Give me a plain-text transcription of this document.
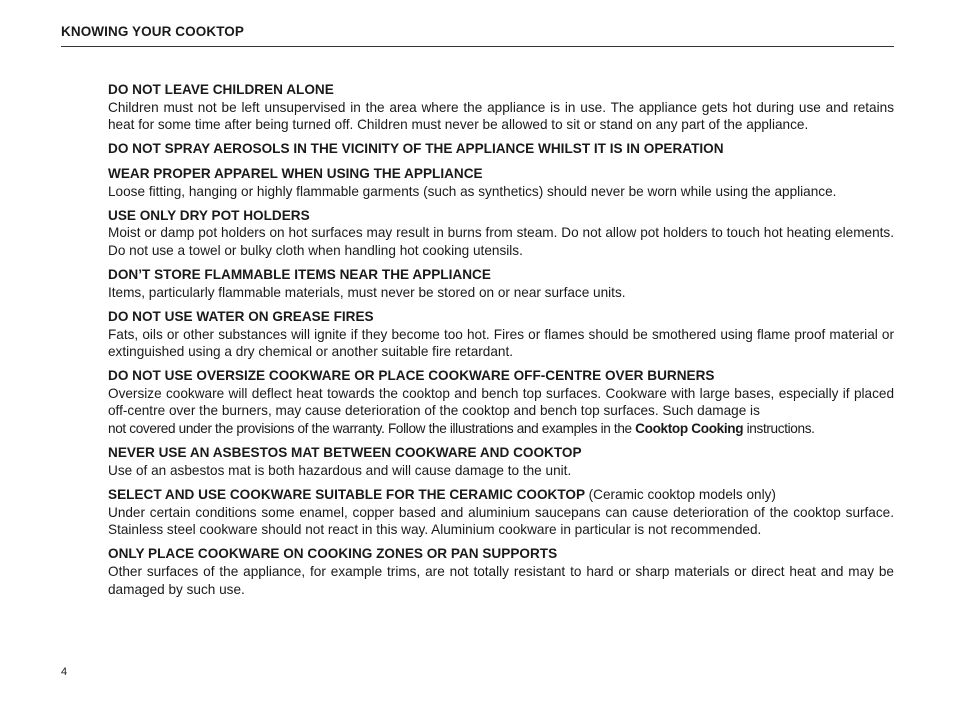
KNOWING YOUR COOKTOP
DO NOT LEAVE CHILDREN ALONE
Children must not be left unsupervised in the area where the appliance is in use. The appliance gets hot during use and retains heat for some time after being turned off. Children must never be allowed to sit or stand on any part of the appliance.
DO NOT SPRAY AEROSOLS IN THE VICINITY OF THE APPLIANCE WHILST IT IS IN OPERATION
WEAR PROPER APPAREL WHEN USING THE APPLIANCE
Loose fitting, hanging or highly flammable garments (such as synthetics) should never be worn while using the appliance.
USE ONLY DRY POT HOLDERS
Moist or damp pot holders on hot surfaces may result in burns from steam. Do not allow pot holders to touch hot heating elements. Do not use a towel or bulky cloth when handling hot cooking utensils.
DON’T STORE FLAMMABLE ITEMS NEAR THE APPLIANCE
Items, particularly flammable materials, must never be stored on or near surface units.
DO NOT USE WATER ON GREASE FIRES
Fats, oils or other substances will ignite if they become too hot. Fires or flames should be smothered using flame proof material or extinguished using a dry chemical or another suitable fire retardant.
DO NOT USE OVERSIZE COOKWARE OR PLACE COOKWARE OFF-CENTRE OVER BURNERS
Oversize cookware will deflect heat towards the cooktop and bench top surfaces. Cookware with large bases, especially if placed off-centre over the burners, may cause deterioration of the cooktop and bench top surfaces. Such damage is
not covered under the provisions of the warranty. Follow the illustrations and examples in the Cooktop Cooking instructions.
NEVER USE AN ASBESTOS MAT BETWEEN COOKWARE AND COOKTOP
Use of an asbestos mat is both hazardous and will cause damage to the unit.
SELECT AND USE COOKWARE SUITABLE FOR THE CERAMIC COOKTOP (Ceramic cooktop models only)
Under certain conditions some enamel, copper based and aluminium saucepans can cause deterioration of the cooktop surface. Stainless steel cookware should not react in this way. Aluminium cookware in particular is not recommended.
ONLY PLACE COOKWARE ON COOKING ZONES OR PAN SUPPORTS
Other surfaces of the appliance, for example trims, are not totally resistant to hard or sharp materials or direct heat and may be damaged by such use.
4
